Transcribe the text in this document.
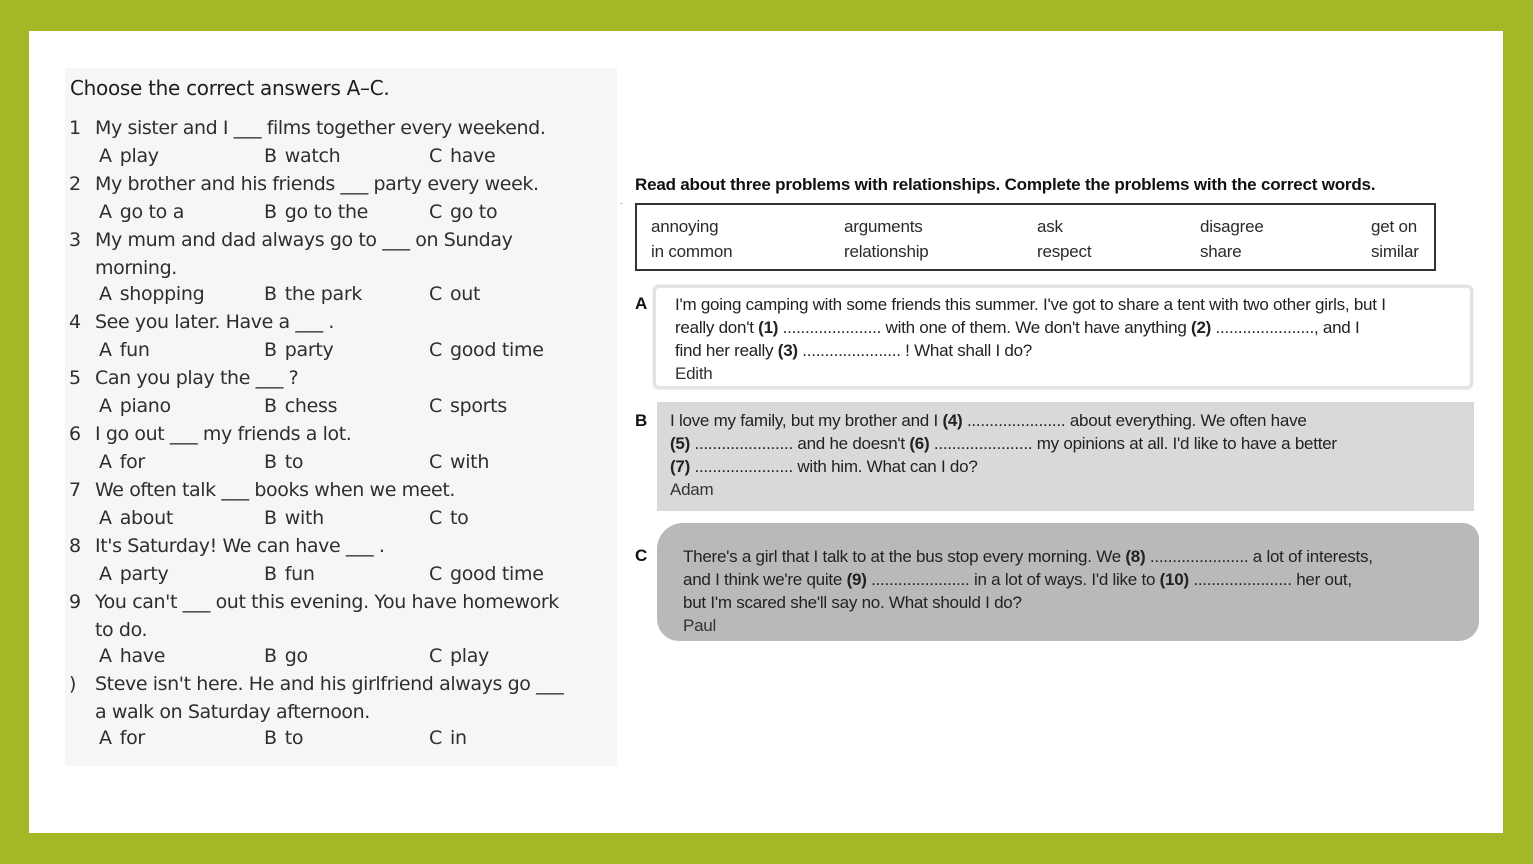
Choose the correct answers A–C.
1 My sister and I ___ films together every weekend.
A play	B watch	C have
2 My brother and his friends ___ party every week.
A go to a	B go to the	C go to
3 My mum and dad always go to ___ on Sunday
morning.
A shopping	B the park	C out
4 See you later. Have a ___ .
A fun	B party	C good time
5 Can you play the ___ ?
A piano	B chess	C sports
6 I go out ___ my friends a lot.
A for	B to	C with
7 We often talk ___ books when we meet.
A about	B with	C to
8 It's Saturday! We can have ___ .
A party	B fun	C good time
9 You can't ___ out this evening. You have homework
to do.
A have	B go	C play
) Steve isn't here. He and his girlfriend always go ___
a walk on Saturday afternoon.
A for	B to	C in
Read about three problems with relationships. Complete the problems with the correct words.
·
annoying	arguments	ask	disagree	get on
in common	relationship	respect	share	similar
A I'm going camping with some friends this summer. I've got to share a tent with two other girls, but I

really don't (1) ...................... with one of them. We don't have anything (2) ......................, and I

find her really (3) ...................... ! What shall I do?

Edith

B I love my family, but my brother and I (4) ...................... about everything. We often have

(5) ...................... and he doesn't (6) ...................... my opinions at all. I'd like to have a better

(7) ...................... with him. What can I do?

Adam

C There's a girl that I talk to at the bus stop every morning. We (8) ...................... a lot of interests,

and I think we're quite (9) ...................... in a lot of ways. I'd like to (10) ...................... her out,

but I'm scared she'll say no. What should I do?

Paul
